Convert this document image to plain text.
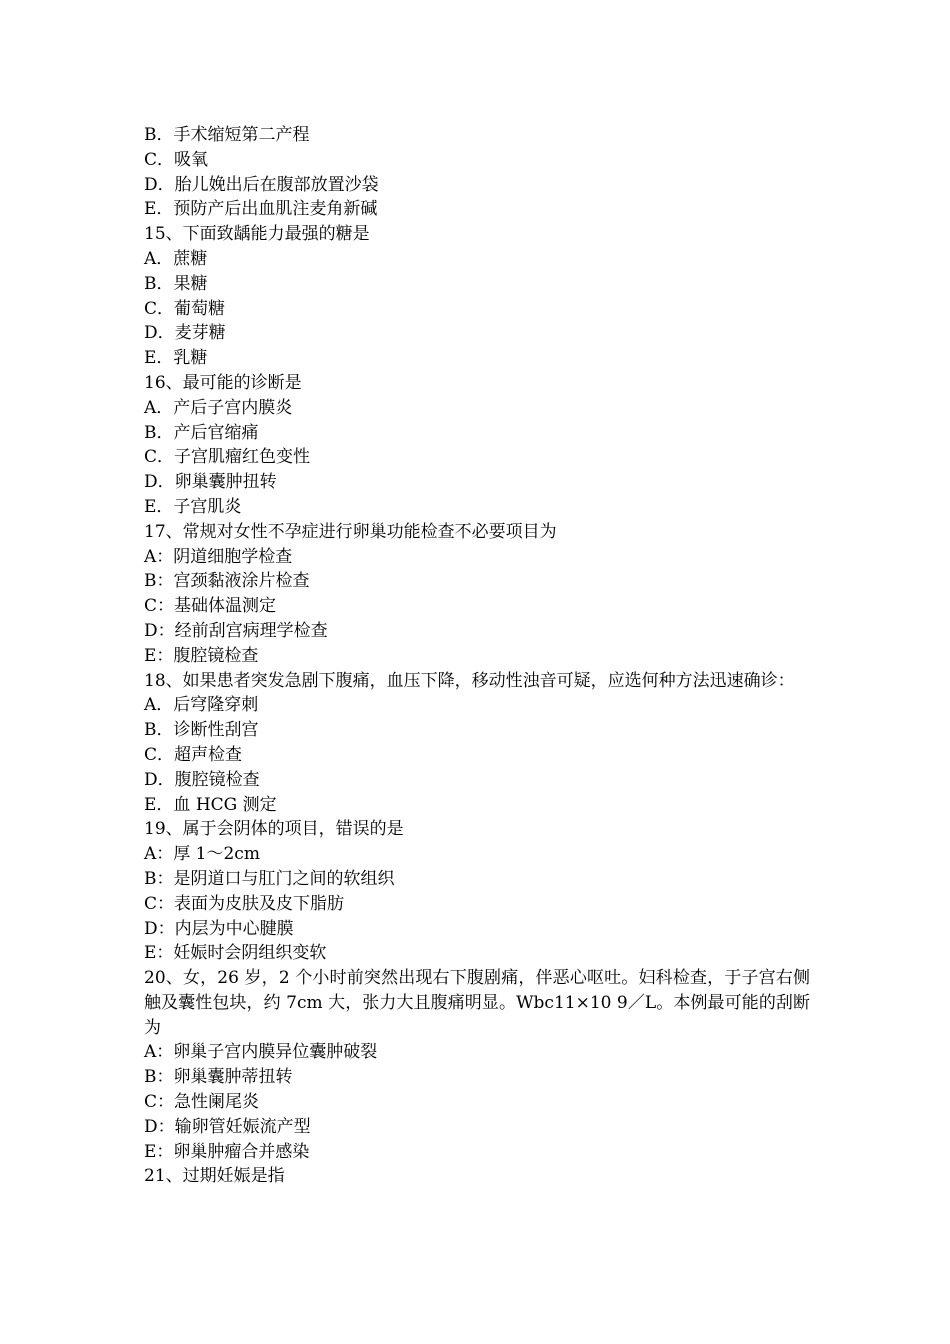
B．手术缩短第二产程
C．吸氧
D．胎儿娩出后在腹部放置沙袋
E．预防产后出血肌注麦角新碱
15、下面致龋能力最强的糖是
A．蔗糖
B．果糖
C．葡萄糖
D．麦芽糖
E．乳糖
16、最可能的诊断是
A．产后子宫内膜炎
B．产后官缩痛
C．子宫肌瘤红色变性
D．卵巢囊肿扭转
E．子宫肌炎
17、常规对女性不孕症进行卵巢功能检查不必要项目为
A：阴道细胞学检查
B：宫颈黏液涂片检查
C：基础体温测定
D：经前刮宫病理学检查
E：腹腔镜检查
18、如果患者突发急剧下腹痛，血压下降，移动性浊音可疑，应选何种方法迅速确诊：
A．后穹隆穿刺
B．诊断性刮宫
C．超声检查
D．腹腔镜检查
E．血 HCG 测定
19、属于会阴体的项目，错误的是
A：厚 1～2cm
B：是阴道口与肛门之间的软组织
C：表面为皮肤及皮下脂肪
D：内层为中心腱膜
E：妊娠时会阴组织变软
20、女，26 岁，2 个小时前突然出现右下腹剧痛，伴恶心呕吐。妇科检查，于子宫右侧触及囊性包块，约 7cm 大，张力大且腹痛明显。Wbc11×10 9／L。本例最可能的刮断为
A：卵巢子宫内膜异位囊肿破裂
B：卵巢囊肿蒂扭转
C：急性阑尾炎
D：输卵管妊娠流产型
E：卵巢肿瘤合并感染
21、过期妊娠是指
